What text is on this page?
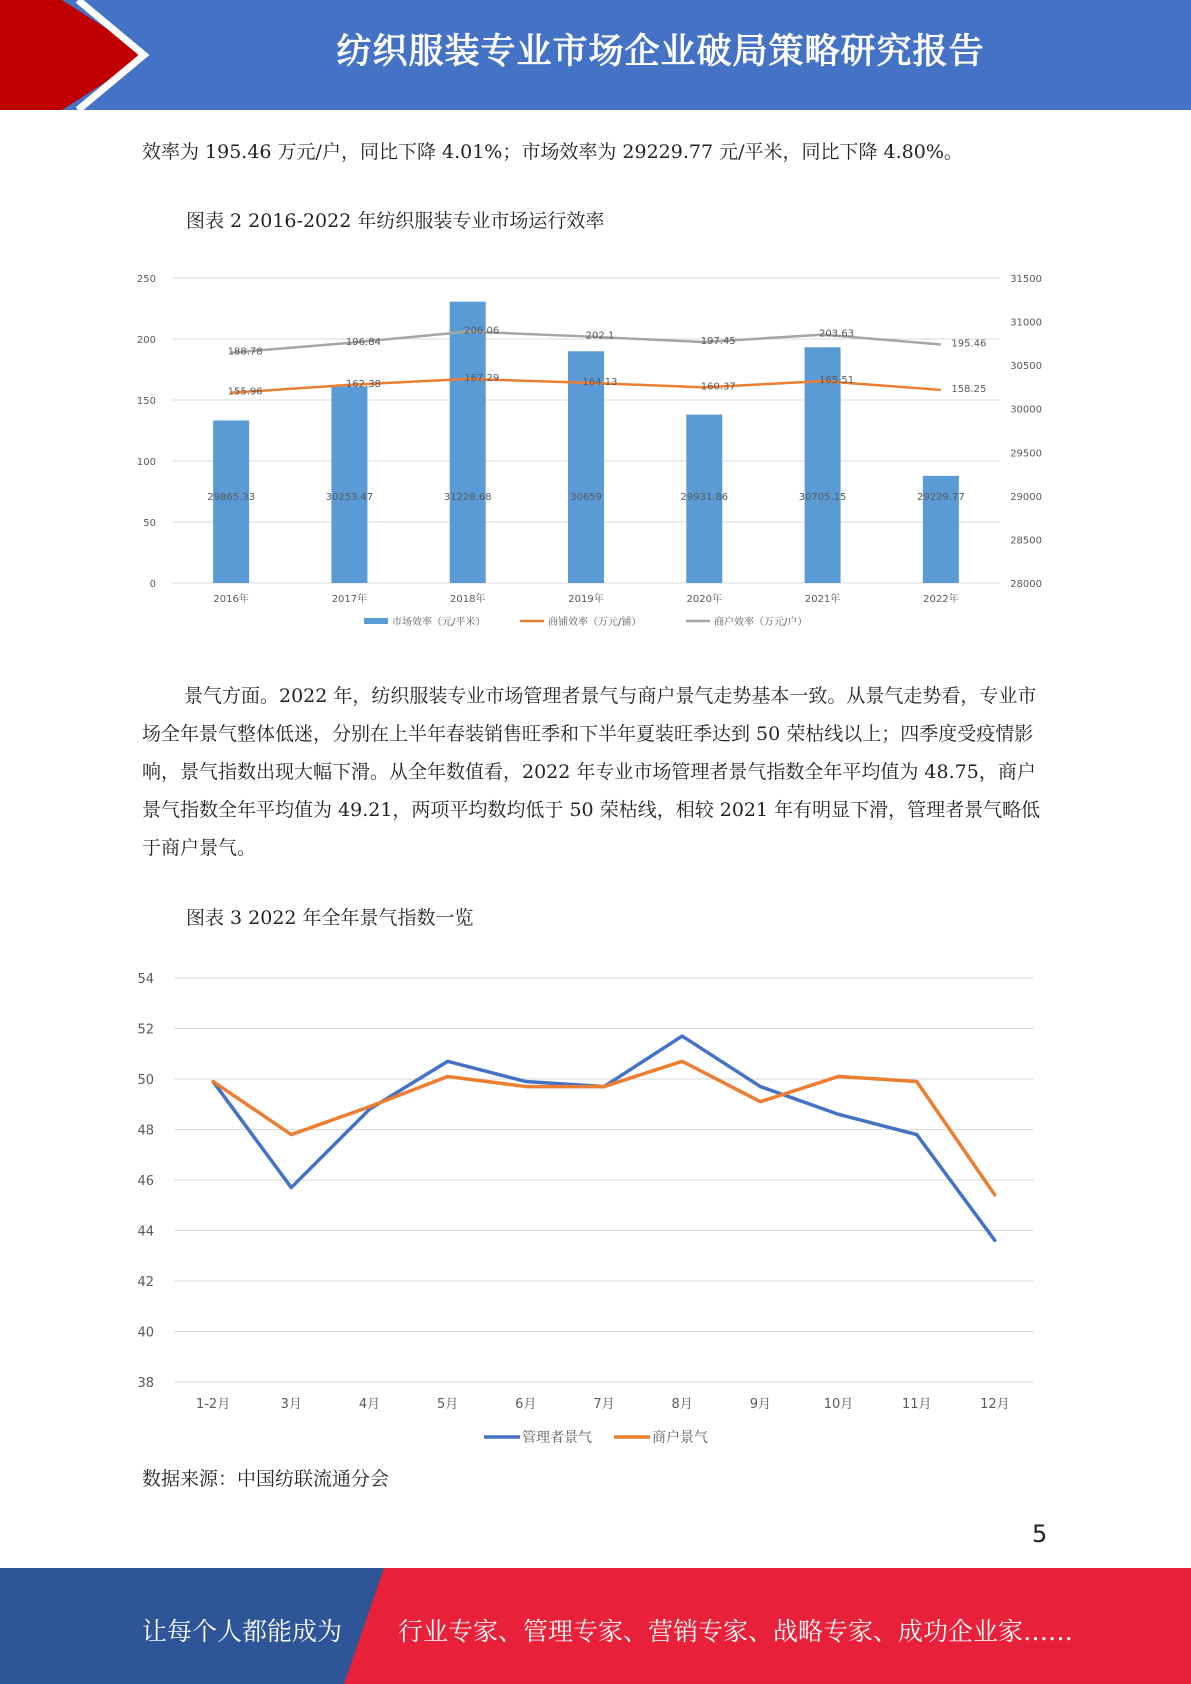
纺织服装专业市场企业破局策略研究报告

效率为 195.46 万元/户，同比下降 4.01%；市场效率为 29229.77 元/平米，同比下降 4.80%。

图表 2 2016-2022 年纺织服装专业市场运行效率
0
50
100
150
200
250
28000
28500
29000
29500
30000
30500
31000
31500
2016年	2017年	2018年	2019年	2020年	2021年	2022年
29865.33	30253.47	31228.68	30659	29931.86	30705.15	29229.77
155.96
162.38
167.29	164.13	160.37
165.51
158.25
188.78
196.84
206.06	202.1
197.45
203.63
195.46
市场效率（元/平米）	商铺效率（万元/铺）	商户效率（万元/户）

景气方面。2022 年，纺织服装专业市场管理者景气与商户景气走势基本一致。从景气走势看，专业市场全年景气整体低迷，分别在上半年春装销售旺季和下半年夏装旺季达到 50 荣枯线以上；四季度受疫情影响，景气指数出现大幅下滑。从全年数值看，2022 年专业市场管理者景气指数全年平均值为 48.75，商户景气指数全年平均值为 49.21，两项平均数均低于 50 荣枯线，相较 2021 年有明显下滑，管理者景气略低于商户景气。

图表 3 2022 年全年景气指数一览
38
40
42
44
46
48
50
52
54
1-2月	3月	4月	5月	6月	7月	8月	9月	10月	11月	12月
管理者景气	商户景气
数据来源：中国纺联流通分会
5
让每个人都能成为 行业专家、管理专家、营销专家、战略专家、成功企业家……
